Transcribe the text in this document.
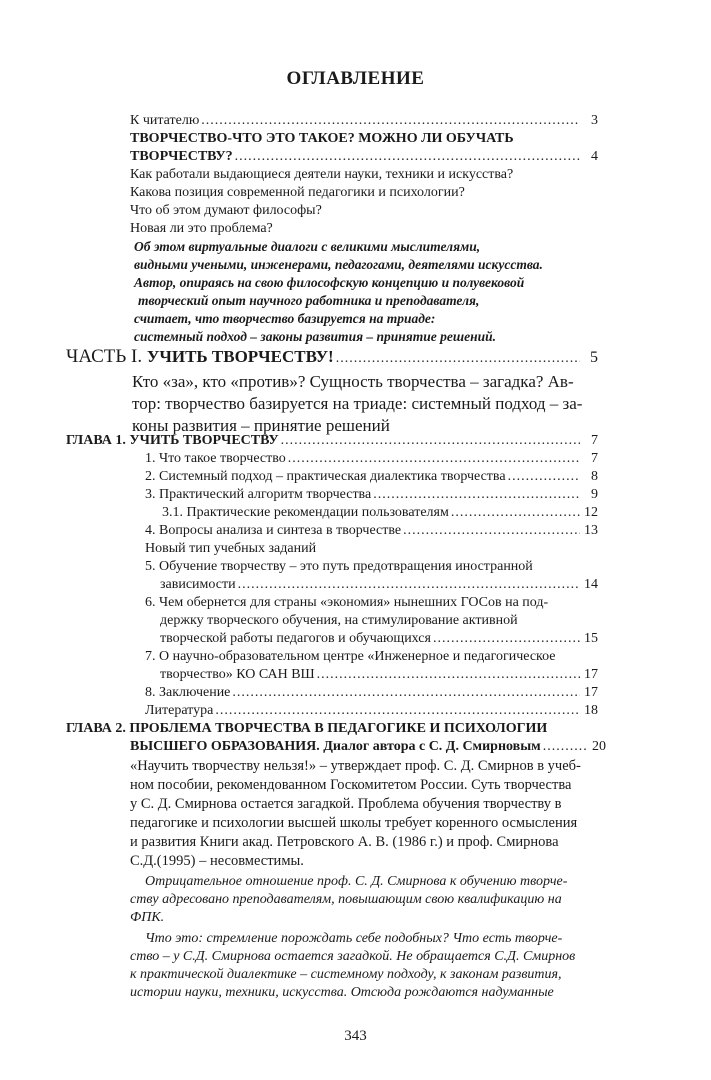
ОГЛАВЛЕНИЕ
К читателю .....	3
ТВОРЧЕСТВО-ЧТО ЭТО ТАКОЕ? МОЖНО ЛИ ОБУЧАТЬ
ТВОРЧЕСТВУ? .....	4
Как работали выдающиеся деятели науки, техники и искусства?
Какова позиция современной педагогики и психологии?
Что об этом думают философы?
Новая ли это проблема?
Об этом виртуальные диалоги с великими мыслителями,
видными учеными, инженерами, педагогами, деятелями искусства.
Автор, опираясь на свою философскую концепцию и полувековой
творческий опыт научного работника и преподавателя,
считает, что творчество базируется на триаде:
системный подход – законы развития – принятие решений.
ЧАСТЬ I. УЧИТЬ ТВОРЧЕСТВУ! .....	5
Кто «за», кто «против»? Сущность творчества – загадка? Ав-
тор: творчество базируется на триаде: системный подход – за-
коны развития – принятие решений
ГЛАВА 1. УЧИТЬ ТВОРЧЕСТВУ .....	7
1. Что такое творчество .....	7
2. Системный подход – практическая диалектика творчества .....	8
3. Практический алгоритм творчества .....	9
3.1. Практические рекомендации пользователям .....	12
4. Вопросы анализа и синтеза в творчестве .....	13
Новый тип учебных заданий
5. Обучение творчеству – это путь предотвращения иностранной
зависимости .....	14
6. Чем обернется для страны «экономия» нынешних ГОСов на под-
держку творческого обучения, на стимулирование активной
творческой работы педагогов и обучающихся .....	15
7. О научно-образовательном центре «Инженерное и педагогическое
творчество» КО САН ВШ .....	17
8. Заключение .....	17
Литература .....	18
ГЛАВА 2. ПРОБЛЕМА ТВОРЧЕСТВА В ПЕДАГОГИКЕ И ПСИХОЛОГИИ
ВЫСШЕГО ОБРАЗОВАНИЯ. Диалог автора с С. Д. Смирновым .....	20
«Научить творчеству нельзя!» – утверждает проф. С. Д. Смирнов в учеб-
ном пособии, рекомендованном Госкомитетом России. Суть творчества
у С. Д. Смирнова остается загадкой. Проблема обучения творчеству в
педагогике и психологии высшей школы требует коренного осмысления
и развития Книги акад. Петровского А. В. (1986 г.) и проф. Смирнова
С.Д.(1995) – несовместимы.
Отрицательное отношение проф. С. Д. Смирнова к обучению творче-
ству адресовано преподавателям, повышающим свою квалификацию на
ФПК.
Что это: стремление порождать себе подобных? Что есть творче-
ство – у С.Д. Смирнова остается загадкой. Не обращается С.Д. Смирнов
к практической диалектике – системному подходу, к законам развития,
истории науки, техники, искусства. Отсюда рождаются надуманные
343
